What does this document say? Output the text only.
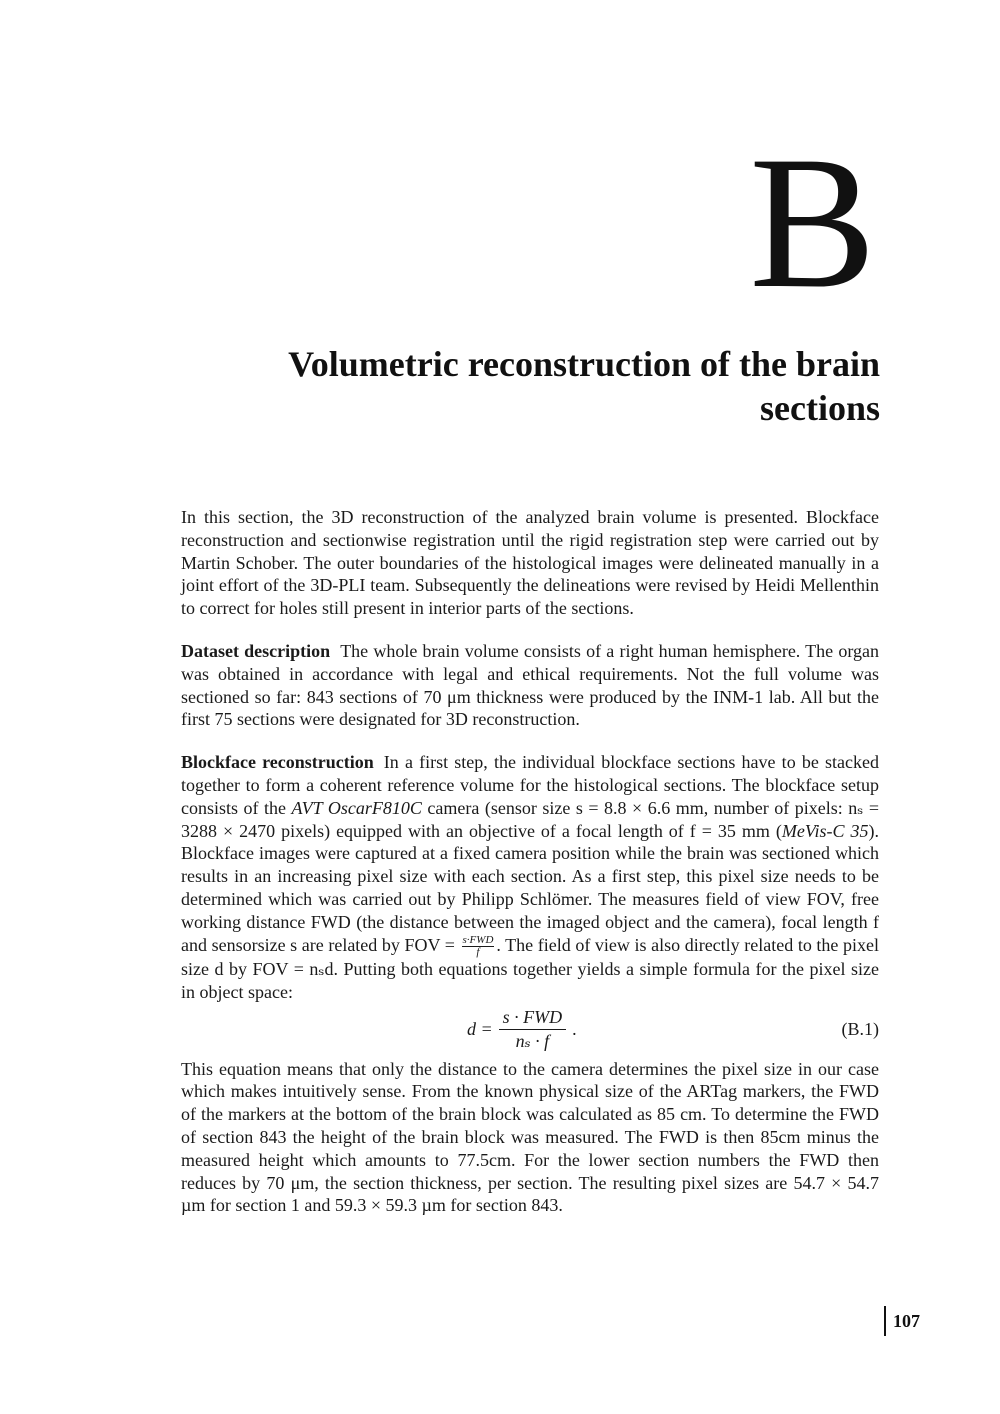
B
Volumetric reconstruction of the brain sections

In this section, the 3D reconstruction of the analyzed brain volume is presented. Blockface reconstruction and sectionwise registration until the rigid registration step were carried out by Martin Schober. The outer boundaries of the histological images were delineated manually in a joint effort of the 3D-PLI team. Subsequently the delineations were revised by Heidi Mellenthin to correct for holes still present in interior parts of the sections.

Dataset description The whole brain volume consists of a right human hemisphere. The organ was obtained in accordance with legal and ethical requirements. Not the full volume was sectioned so far: 843 sections of 70 μm thickness were produced by the INM-1 lab. All but the first 75 sections were designated for 3D reconstruction.

Blockface reconstruction In a first step, the individual blockface sections have to be stacked together to form a coherent reference volume for the histological sections. The blockface setup consists of the AVT OscarF810C camera (sensor size s = 8.8 × 6.6 mm, number of pixels: nₛ = 3288 × 2470 pixels) equipped with an objective of a focal length of f = 35 mm (MeVis-C 35). Blockface images were captured at a fixed camera position while the brain was sectioned which results in an increasing pixel size with each section. As a first step, this pixel size needs to be determined which was carried out by Philipp Schlömer. The measures field of view FOV, free working distance FWD (the distance between the imaged object and the camera), focal length f and sensorsize s are related by FOV = $\frac{\text{s·FWD}}{f}$ . The field of view is also directly related to the pixel size d by FOV = nₛd. Putting both equations together yields a simple formula for the pixel size in object space:

$d = \frac{\text{s · FWD}}{\text{nₛ · f}}$ .	(B.1)

This equation means that only the distance to the camera determines the pixel size in our case which makes intuitively sense. From the known physical size of the ARTag markers, the FWD of the markers at the bottom of the brain block was calculated as 85 cm. To determine the FWD of section 843 the height of the brain block was measured. The FWD is then 85cm minus the measured height which amounts to 77.5cm. For the lower section numbers the FWD then reduces by 70 μm, the section thickness, per section. The resulting pixel sizes are 54.7 × 54.7 µm for section 1 and 59.3 × 59.3 µm for section 843.

107
